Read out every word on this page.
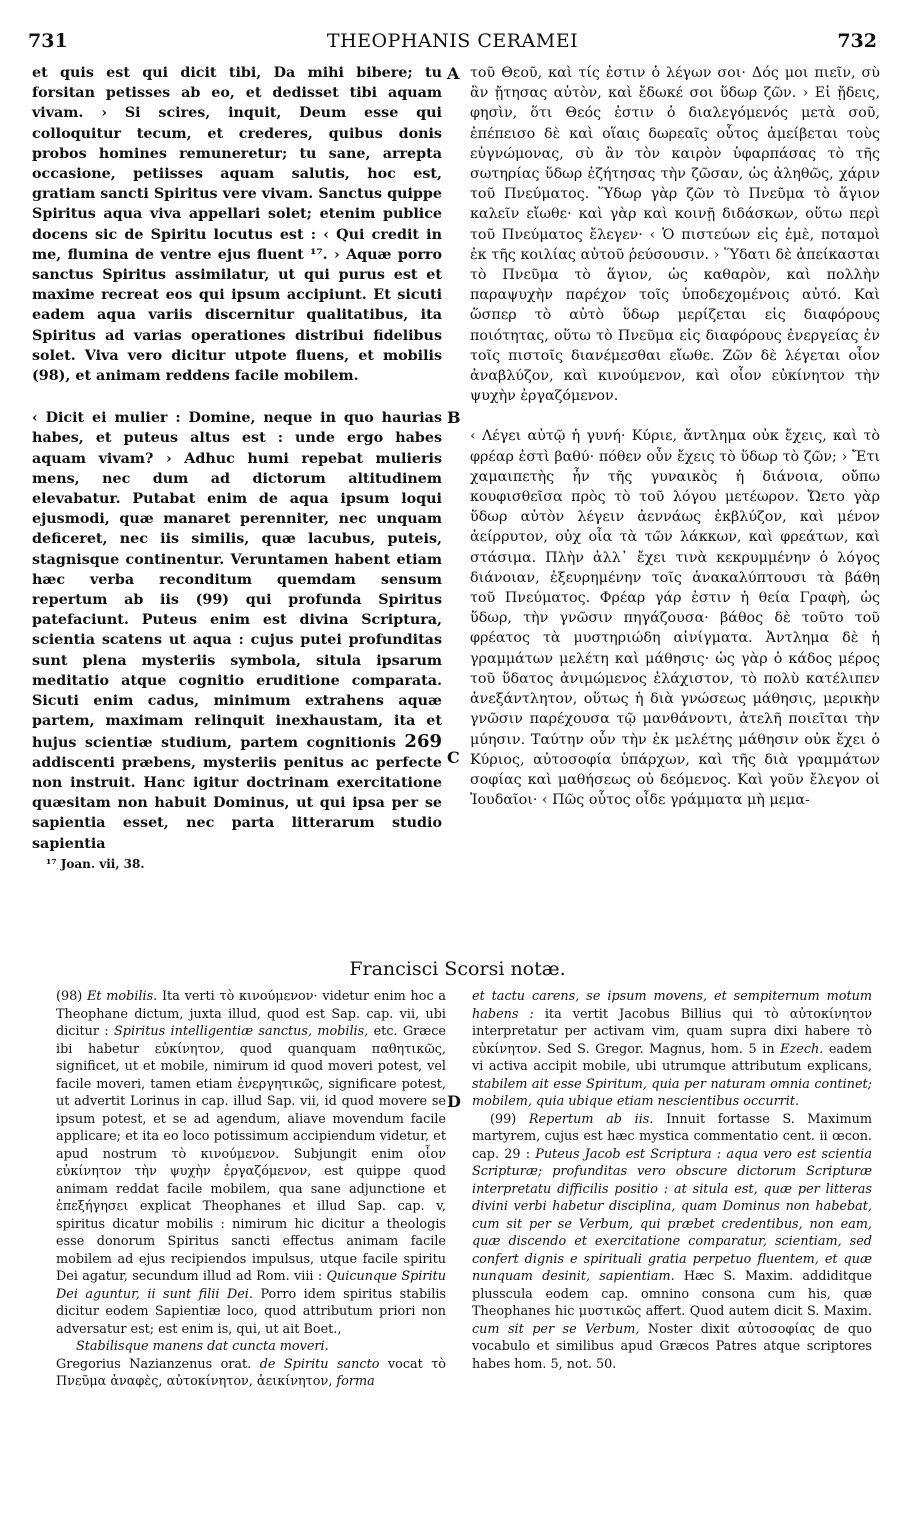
731	THEOPHANIS CERAMEI	732
A
B
C
D

et quis est qui dicit tibi, Da mihi bibere; tu forsitan petisses ab eo, et dedisset tibi aquam vivam. › Si scires, inquit, Deum esse qui colloquitur tecum, et crederes, quibus donis probos homines remuneretur; tu sane, arrepta occasione, petiisses aquam salutis, hoc est, gratiam sancti Spiritus vere vivam. Sanctus quippe Spiritus aqua viva appellari solet; etenim publice docens sic de Spiritu locutus est : ‹ Qui credit in me, flumina de ventre ejus fluent ¹⁷. › Aquæ porro sanctus Spiritus assimilatur, ut qui purus est et maxime recreat eos qui ipsum accipiunt. Et sicuti eadem aqua variis discernitur qualitatibus, ita Spiritus ad varias operationes distribui fidelibus solet. Viva vero dicitur utpote fluens, et mobilis (98), et animam reddens facile mobilem.

‹ Dicit ei mulier : Domine, neque in quo haurias habes, et puteus altus est : unde ergo habes aquam vivam? › Adhuc humi repebat mulieris mens, nec dum ad dictorum altitudinem elevabatur. Putabat enim de aqua ipsum loqui ejusmodi, quæ manaret perenniter, nec unquam deficeret, nec iis similis, quæ lacubus, puteis, stagnisque continentur. Veruntamen habent etiam hæc verba reconditum quemdam sensum repertum ab iis (99) qui profunda Spiritus patefaciunt. Puteus enim est divina Scriptura, scientia scatens ut aqua : cujus putei profunditas sunt plena mysteriis symbola, situla ipsarum meditatio atque cognitio eruditione comparata. Sicuti enim cadus, minimum extrahens aquæ partem, maximam relinquit inexhaustam, ita et hujus scientiæ studium, partem cognitionis 269 addiscenti præbens, mysteriis penitus ac perfecte non instruit. Hanc igitur doctrinam exercitatione quæsitam non habuit Dominus, ut qui ipsa per se sapientia esset, nec parta litterarum studio sapientia

¹⁷ Joan. vii, 38.

τοῦ Θεοῦ, καὶ τίς ἐστιν ὁ λέγων σοι· Δός μοι πιεῖν, σὺ ἂν ᾔτησας αὐτὸν, καὶ ἔδωκέ σοι ὕδωρ ζῶν. › Εἰ ᾔδεις, φησὶν, ὅτι Θεός ἐστιν ὁ διαλεγόμενός μετὰ σοῦ, ἐπέπεισο δὲ καὶ οἵαις δωρεαῖς οὗτος ἀμείβεται τοὺς εὐγνώμονας, σὺ ἂν τὸν καιρὸν ὑφαρπάσας τὸ τῆς σωτηρίας ὕδωρ ἐζήτησας τὴν ζῶσαν, ὡς ἀληθῶς, χάριν τοῦ Πνεύματος. Ὕδωρ γὰρ ζῶν τὸ Πνεῦμα τὸ ἅγιον καλεῖν εἴωθε· καὶ γὰρ καὶ κοινῇ διδάσκων, οὕτω περὶ τοῦ Πνεύματος ἔλεγεν· ‹ Ὁ πιστεύων εἰς ἐμὲ, ποταμοὶ ἐκ τῆς κοιλίας αὐτοῦ ῥεύσουσιν. › Ὕδατι δὲ ἀπείκασται τὸ Πνεῦμα τὸ ἅγιον, ὡς καθαρὸν, καὶ πολλὴν παραψυχὴν παρέχον τοῖς ὑποδεχομένοις αὐτό. Καὶ ὥσπερ τὸ αὐτὸ ὕδωρ μερίζεται εἰς διαφόρους ποιότητας, οὕτω τὸ Πνεῦμα εἰς διαφόρους ἐνεργείας ἐν τοῖς πιστοῖς διανέμεσθαι εἴωθε. Ζῶν δὲ λέγεται οἷον ἀναβλύζον, καὶ κινούμενον, καὶ οἷον εὐκίνητον τὴν ψυχὴν ἐργαζόμενον.

‹ Λέγει αὐτῷ ἡ γυνή· Κύριε, ἄντλημα οὐκ ἔχεις, καὶ τὸ φρέαρ ἐστὶ βαθύ· πόθεν οὖν ἔχεις τὸ ὕδωρ τὸ ζῶν; › Ἔτι χαμαιπετὴς ἦν τῆς γυναικὸς ἡ διάνοια, οὔπω κουφισθεῖσα πρὸς τὸ τοῦ λόγου μετέωρον. Ὤετο γὰρ ὕδωρ αὐτὸν λέγειν ἀεννάως ἐκβλύζον, καὶ μένον ἀείρρυτον, οὐχ οἷα τὰ τῶν λάκκων, καὶ φρεάτων, καὶ στάσιμα. Πλὴν ἀλλ᾿ ἔχει τινὰ κεκρυμμένην ὁ λόγος διάνοιαν, ἐξευρημένην τοῖς ἀνακαλύπτουσι τὰ βάθη τοῦ Πνεύματος. Φρέαρ γάρ ἐστιν ἡ θεία Γραφὴ, ὡς ὕδωρ, τὴν γνῶσιν πηγάζουσα· βάθος δὲ τοῦτο τοῦ φρέατος τὰ μυστηριώδη αἰνίγματα. Ἀντλημα δὲ ἡ γραμμάτων μελέτη καὶ μάθησις· ὡς γὰρ ὁ κάδος μέρος τοῦ ὕδατος ἀνιμώμενος ἐλάχιστον, τὸ πολὺ κατέλιπεν ἀνεξάντλητον, οὕτως ἡ διὰ γνώσεως μάθησις, μερικὴν γνῶσιν παρέχουσα τῷ μανθάνοντι, ἀτελῆ ποιεῖται τὴν μύησιν. Ταύτην οὖν τὴν ἐκ μελέτης μάθησιν οὐκ ἔχει ὁ Κύριος, αὐτοσοφία ὑπάρχων, καὶ τῆς διὰ γραμμάτων σοφίας καὶ μαθήσεως οὐ δεόμενος. Καὶ γοῦν ἔλεγον οἱ Ἰουδαῖοι· ‹ Πῶς οὗτος οἶδε γράμματα μὴ μεμα-

Francisci Scorsi notæ.

(98) Et mobilis. Ita verti τὸ κινούμενον· videtur enim hoc a Theophane dictum, juxta illud, quod est Sap. cap. vii, ubi dicitur : Spiritus intelligentiæ sanctus, mobilis, etc. Græce ibi habetur εὐκίνητον, quod quanquam παθητικῶς, significet, ut et mobile, nimirum id quod moveri potest, vel facile moveri, tamen etiam ἐνεργητικῶς, significare potest, ut advertit Lorinus in cap. illud Sap. vii, id quod movere se ipsum potest, et se ad agendum, aliave movendum facile applicare; et ita eo loco potissimum accipiendum videtur, et apud nostrum τὸ κινούμενον. Subjungit enim οἷον εὐκίνητον τὴν ψυχὴν ἐργαζόμενον, est quippe quod animam reddat facile mobilem, qua sane adjunctione et ἐπεξήγησει explicat Theophanes et illud Sap. cap. v, spiritus dicatur mobilis : nimirum hic dicitur a theologis esse donorum Spiritus sancti effectus animam facile mobilem ad ejus recipiendos impulsus, utque facile spiritu Dei agatur, secundum illud ad Rom. viii : Quicunque Spiritu Dei aguntur, ii sunt filii Dei. Porro idem spiritus stabilis dicitur eodem Sapientiæ loco, quod attributum priori non adversatur est; est enim is, qui, ut ait Boet.,

Stabilisque manens dat cuncta moveri.

Gregorius Nazianzenus orat. de Spiritu sancto vocat τὸ Πνεῦμα ἀναφὲς, αὐτοκίνητον, ἀεικίνητον, forma

et tactu carens, se ipsum movens, et sempiternum motum habens : ita vertit Jacobus Billius qui τὸ αὐτοκίνητον interpretatur per activam vim, quam supra dixi habere τὸ εὐκίνητον. Sed S. Gregor. Magnus, hom. 5 in Ezech. eadem vi activa accipit mobile, ubi utrumque attributum explicans, stabilem ait esse Spiritum, quia per naturam omnia continet; mobilem, quia ubique etiam nescientibus occurrit.

(99) Repertum ab iis. Innuit fortasse S. Maximum martyrem, cujus est hæc mystica commentatio cent. ii œcon. cap. 29 : Puteus Jacob est Scriptura : aqua vero est scientia Scripturæ; profunditas vero obscure dictorum Scripturæ interpretatu difficilis positio : at situla est, quæ per litteras divini verbi habetur disciplina, quam Dominus non habebat, cum sit per se Verbum, qui præbet credentibus, non eam, quæ discendo et exercitatione comparatur, scientiam, sed confert dignis e spirituali gratia perpetuo fluentem, et quæ nunquam desinit, sapientiam. Hæc S. Maxim. addiditque plusscula eodem cap. omnino consona cum his, quæ Theophanes hic μυστικῶς affert. Quod autem dicit S. Maxim. cum sit per se Verbum, Noster dixit αὐτοσοφίας de quo vocabulo et similibus apud Græcos Patres atque scriptores habes hom. 5, not. 50.
